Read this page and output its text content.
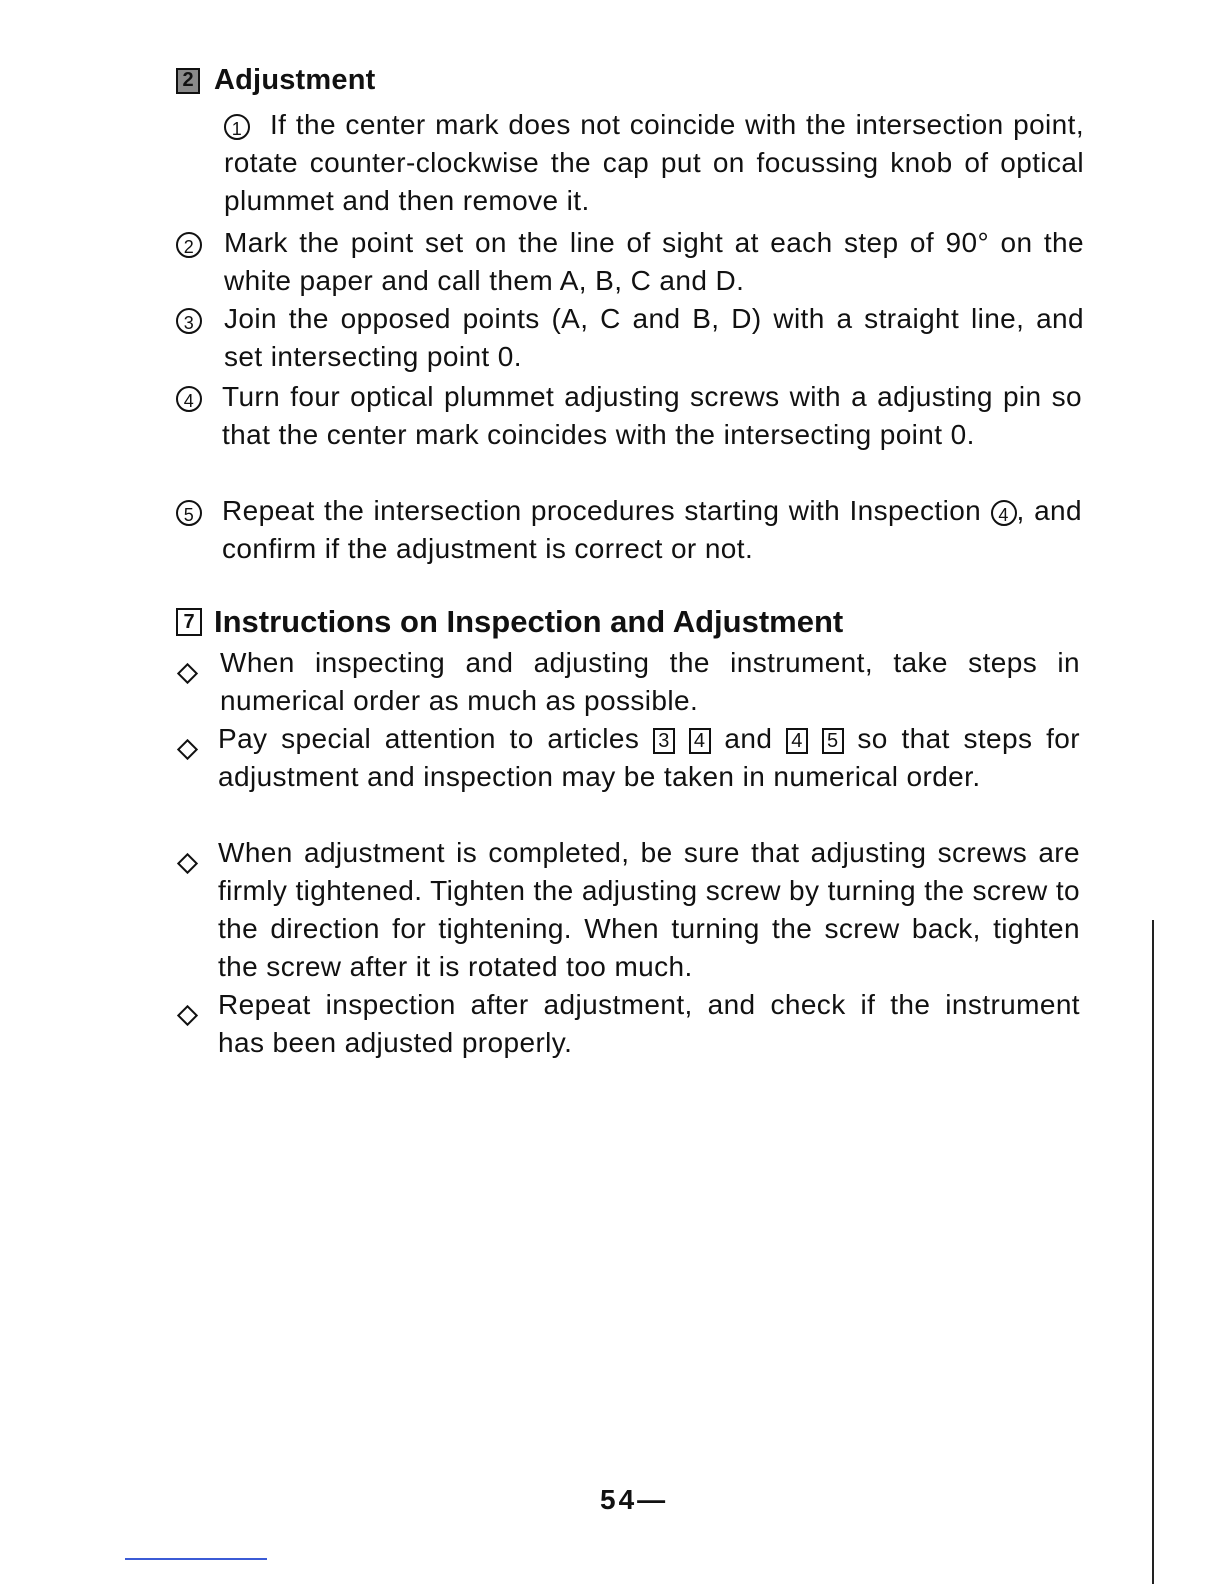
2 Adjustment
1 If the center mark does not coincide with the intersection point, rotate counter-clockwise the cap put on focussing knob of optical plummet and then remove it.
2 Mark the point set on the line of sight at each step of 90° on the white paper and call them A, B, C and D.
3 Join the opposed points (A, C and B, D) with a straight line, and set intersecting point 0.
4 Turn four optical plummet adjusting screws with a adjusting pin so that the center mark coincides with the intersecting point 0.
5 Repeat the intersection procedures starting with Inspection 4 , and confirm if the adjustment is correct or not.
7 Instructions on Inspection and Adjustment
When inspecting and adjusting the instrument, take steps in numerical order as much as possible.
Pay special attention to articles 3 4 and 4 5 so that steps for adjustment and inspection may be taken in numerical order.
When adjustment is completed, be sure that adjusting screws are firmly tightened. Tighten the adjusting screw by turning the screw to the direction for tightening. When turning the screw back, tighten the screw after it is rotated too much.
Repeat inspection after adjustment, and check if the instrument has been adjusted properly.
54—
